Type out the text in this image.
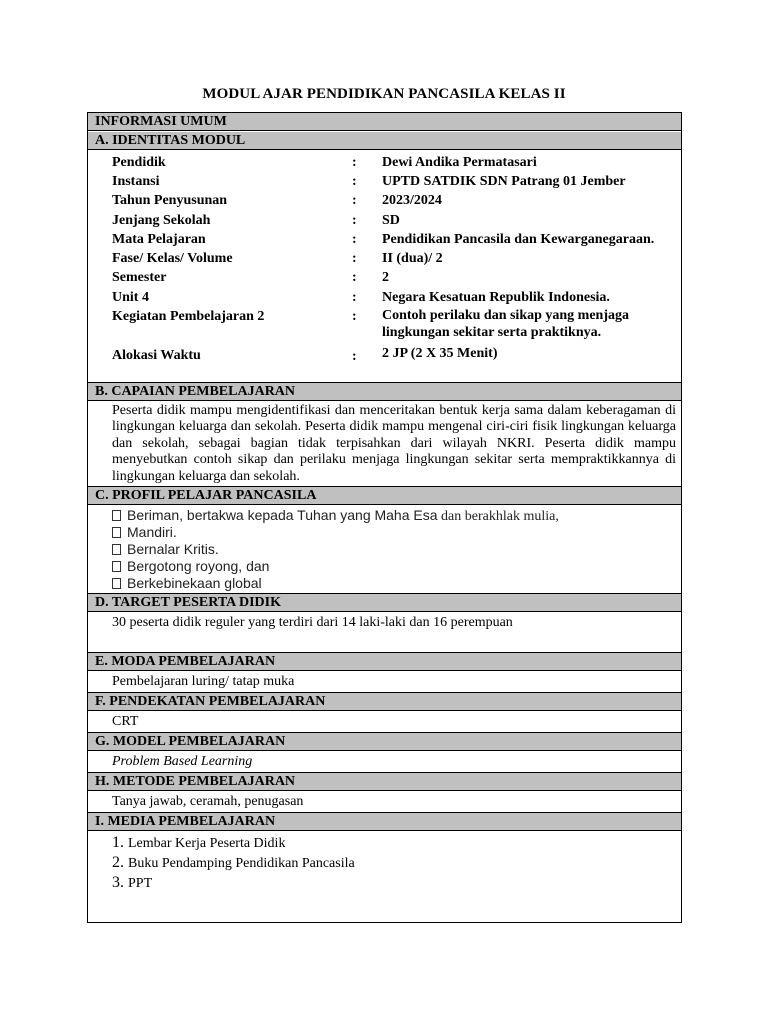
MODUL AJAR PENDIDIKAN PANCASILA KELAS II
INFORMASI UMUM
A. IDENTITAS MODUL
Pendidik	: Dewi Andika Permatasari
Instansi	: UPTD SATDIK SDN Patrang 01 Jember
Tahun Penyusunan	: 2023/2024
Jenjang Sekolah	: SD
Mata Pelajaran	: Pendidikan Pancasila dan Kewarganegaraan.
Fase/ Kelas/ Volume	: II (dua)/ 2
Semester	: 2
Unit 4	: Negara Kesatuan Republik Indonesia.
Kegiatan Pembelajaran 2	: Contoh perilaku dan sikap yang menjaga lingkungan sekitar serta praktiknya.
Alokasi Waktu	: 2 JP (2 X 35 Menit)
B. CAPAIAN PEMBELAJARAN
Peserta didik mampu mengidentifikasi dan menceritakan bentuk kerja sama dalam keberagaman di lingkungan keluarga dan sekolah. Peserta didik mampu mengenal ciri-ciri fisik lingkungan keluarga dan sekolah, sebagai bagian tidak terpisahkan dari wilayah NKRI. Peserta didik mampu menyebutkan contoh sikap dan perilaku menjaga lingkungan sekitar serta mempraktikkannya di lingkungan keluarga dan sekolah.
C. PROFIL PELAJAR PANCASILA
Beriman, bertakwa kepada Tuhan yang Maha Esa dan berakhlak mulia,
Mandiri.
Bernalar Kritis.
Bergotong royong, dan
Berkebinekaan global
D. TARGET PESERTA DIDIK
30 peserta didik reguler yang terdiri dari 14 laki-laki dan 16 perempuan
E. MODA PEMBELAJARAN
Pembelajaran luring/ tatap muka
F. PENDEKATAN PEMBELAJARAN
CRT
G. MODEL PEMBELAJARAN
Problem Based Learning
H. METODE PEMBELAJARAN
Tanya jawab, ceramah, penugasan
I. MEDIA PEMBELAJARAN
1. Lembar Kerja Peserta Didik
2. Buku Pendamping Pendidikan Pancasila
3. PPT
